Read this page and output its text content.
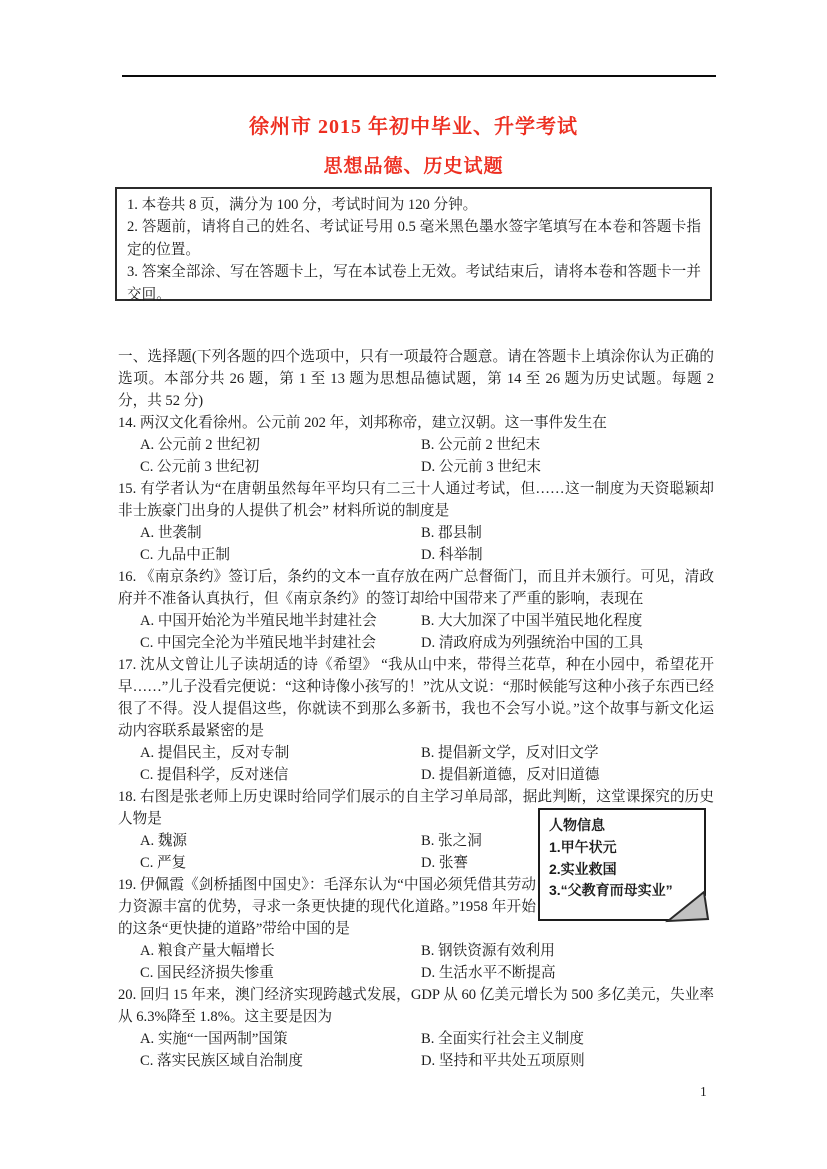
徐州市 2015 年初中毕业、升学考试
思想品德、历史试题

1. 本卷共 8 页，满分为 100 分，考试时间为 120 分钟。

2. 答题前，请将自己的姓名、考试证号用 0.5 毫米黑色墨水签字笔填写在本卷和答题卡指定的位置。

3. 答案全部涂、写在答题卡上，写在本试卷上无效。考试结束后，请将本卷和答题卡一并交回。

一、选择题(下列各题的四个选项中，只有一项最符合题意。请在答题卡上填涂你认为正确的选项。本部分共 26 题，第 1 至 13 题为思想品德试题，第 14 至 26 题为历史试题。每题 2 分，共 52 分)

14. 两汉文化看徐州。公元前 202 年，刘邦称帝，建立汉朝。这一事件发生在

A. 公元前 2 世纪初	B. 公元前 2 世纪末
C. 公元前 3 世纪初	D. 公元前 3 世纪末

15. 有学者认为“在唐朝虽然每年平均只有二三十人通过考试，但……这一制度为天资聪颖却非士族豪门出身的人提供了机会” 材料所说的制度是

A. 世袭制	B. 郡县制
C. 九品中正制	D. 科举制

16. 《南京条约》签订后，条约的文本一直存放在两广总督衙门，而且并未颁行。可见，清政府并不准备认真执行，但《南京条约》的签订却给中国带来了严重的影响，表现在

A. 中国开始沦为半殖民地半封建社会	B. 大大加深了中国半殖民地化程度
C. 中国完全沦为半殖民地半封建社会	D. 清政府成为列强统治中国的工具

17. 沈从文曾让儿子读胡适的诗《希望》 “我从山中来，带得兰花草，种在小园中，希望花开早……”儿子没看完便说：“这种诗像小孩写的！”沈从文说：“那时候能写这种小孩子东西已经很了不得。没人提倡这些，你就读不到那么多新书，我也不会写小说。”这个故事与新文化运动内容联系最紧密的是

A. 提倡民主，反对专制	B. 提倡新文学，反对旧文学
C. 提倡科学，反对迷信	D. 提倡新道德，反对旧道德

18. 右图是张老师上历史课时给同学们展示的自主学习单局部，据此判断，这堂课探究的历史人物是

A. 魏源	B. 张之洞
C. 严复	D. 张謇

19. 伊佩霞《剑桥插图中国史》：毛泽东认为“中国必须凭借其劳动力资源丰富的优势，寻求一条更快捷的现代化道路。”1958 年开始的这条“更快捷的道路”带给中国的是

A. 粮食产量大幅增长	B. 钢铁资源有效利用
C. 国民经济损失惨重	D. 生活水平不断提高

20. 回归 15 年来，澳门经济实现跨越式发展，GDP 从 60 亿美元增长为 500 多亿美元，失业率从 6.3%降至 1.8%。这主要是因为

A. 实施“一国两制”国策	B. 全面实行社会主义制度
C. 落实民族区域自治制度	D. 坚持和平共处五项原则
人物信息
1.甲午状元
2.实业救国
3.“父教育而母实业”
1
